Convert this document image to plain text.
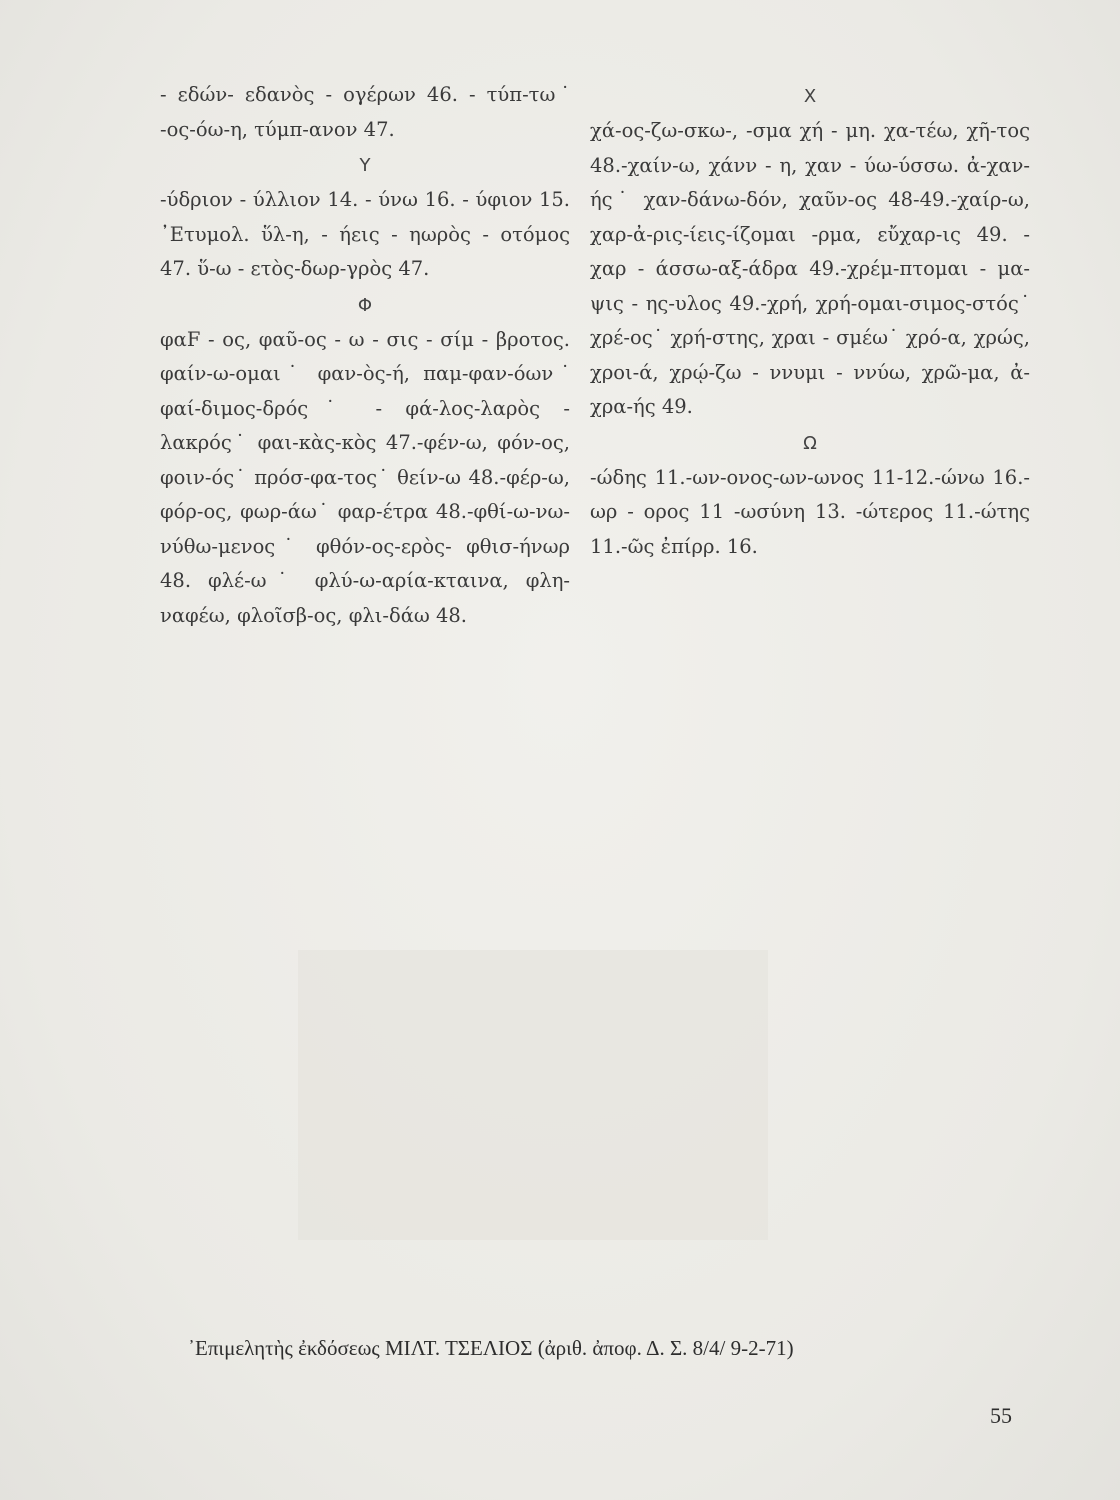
- εδών- εδανὸς - ογέρων 46. - τύπ-τω˙ -ος-όω-η, τύμπ-ανον 47.

Υ

-ύδριον - ύλλιον 14. - ύνω 16. - ύφιον 15. ᾿Ετυμολ. ὕλ-η, - ήεις - ηωρὸς - οτόμος 47. ὕ-ω - ετὸς-δωρ-γρὸς 47.

Φ

φαF - ος, φαῦ-ος - ω - σις - σίμ - βροτος. φαίν-ω-ομαι˙ φαν-ὸς-ή, παμ-φαν-όων˙ φαί-διμος-δρός˙ - φά-λος-λαρὸς - λακρός˙ φαι-κὰς-κὸς 47.-φέν-ω, φόν-ος, φοιν-ός˙ πρόσ-φα-τος˙ θείν-ω 48.-φέρ-ω, φόρ-ος, φωρ-άω˙ φαρ-έτρα 48.-φθί-ω-νω-νύθω-μενος˙ φθόν-ος-ερὸς- φθισ-ήνωρ 48. φλέ-ω˙ φλύ-ω-αρία-κταινα, φλη-ναφέω, φλοῖσβ-ος, φλι-δάω 48.

Χ

χά-ος-ζω-σκω-, -σμα χή - μη. χα-τέω, χῆ-τος 48.-χαίν-ω, χάνν - η, χαν - ύω-ύσσω. ἀ-χαν-ής˙ χαν-δάνω-δόν, χαῦν-ος 48-49.-χαίρ-ω, χαρ-ἀ-ρις-ίεις-ίζομαι -ρμα, εὔχαρ-ις 49. - χαρ - άσσω-αξ-άδρα 49.-χρέμ-πτομαι - μα-ψις - ης-υλος 49.-χρή, χρή-ομαι-σιμος-στός˙ χρέ-ος˙ χρή-στης, χραι - σμέω˙ χρό-α, χρώς, χροι-ά, χρῴ-ζω - ννυμι - ννύω, χρῶ-μα, ἀ-χρα-ής 49.

Ω

-ώδης 11.-ων-ονος-ων-ωνος 11-12.-ώνω 16.-ωρ - ορος 11 -ωσύνη 13. -ώτερος 11.-ώτης 11.-ῶς ἐπίρρ. 16.

᾿Επιμελητὴς ἐκδόσεως ΜΙΛΤ. ΤΣΕΛΙΟΣ (ἀριθ. ἀποφ. Δ. Σ. 8/4/ 9-2-71)
55
